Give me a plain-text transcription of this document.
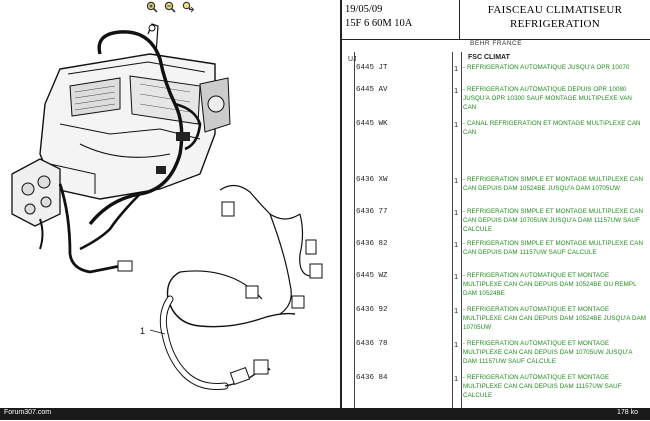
1
19/05/09
15F 6 60M 10A
FAISCEAU CLIMATISEUR
REFRIGERATION
BEHR FRANCE
UJ	FSC CLIMAT
6445 JT	1 - REFRIGERATION AUTOMATIQUE JUSQU'A OPR 10070
6445 AV	1 - REFRIGERATION AUTOMATIQUE DEPUIS OPR 10080 JUSQU'A OPR 10300 SAUF MONTAGE MULTIPLEXE VAN CAN
6445 WK	1 - CANAL REFRIGERATION ET MONTAGE MULTIPLEXE CAN CAN
6436 XW	1 - REFRIGERATION SIMPLE ET MONTAGE MULTIPLEXE CAN CAN DEPUIS DAM 10524BE JUSQU'A DAM 10705UW
6436 77	1 - REFRIGERATION SIMPLE ET MONTAGE MULTIPLEXE CAN CAN DEPUIS DAM 10705UW JUSQU'A DAM 11157UW SAUF CALCULE
6436 82	1 - REFRIGERATION SIMPLE ET MONTAGE MULTIPLEXE CAN CAN DEPUIS DAM 11157UW SAUF CALCULE
6445 WZ	1 - REFRIGERATION AUTOMATIQUE ET MONTAGE MULTIPLEXE CAN CAN DEPUIS DAM 10524BE OU REMPL DAM 10524BE
6436 92	1 - REFRIGERATION AUTOMATIQUE ET MONTAGE MULTIPLEXE CAN CAN DEPUIS DAM 10524BE JUSQU'A DAM 10705UW
6436 78	1 - REFRIGERATION AUTOMATIQUE ET MONTAGE MULTIPLEXE CAN CAN DEPUIS DAM 10705UW JUSQU'A DAM 11157UW SAUF CALCULE
6436 84	1 - REFRIGERATION AUTOMATIQUE ET MONTAGE MULTIPLEXE CAN CAN DEPUIS DAM 11157UW SAUF CALCULE
Forum307.com	178 ko
